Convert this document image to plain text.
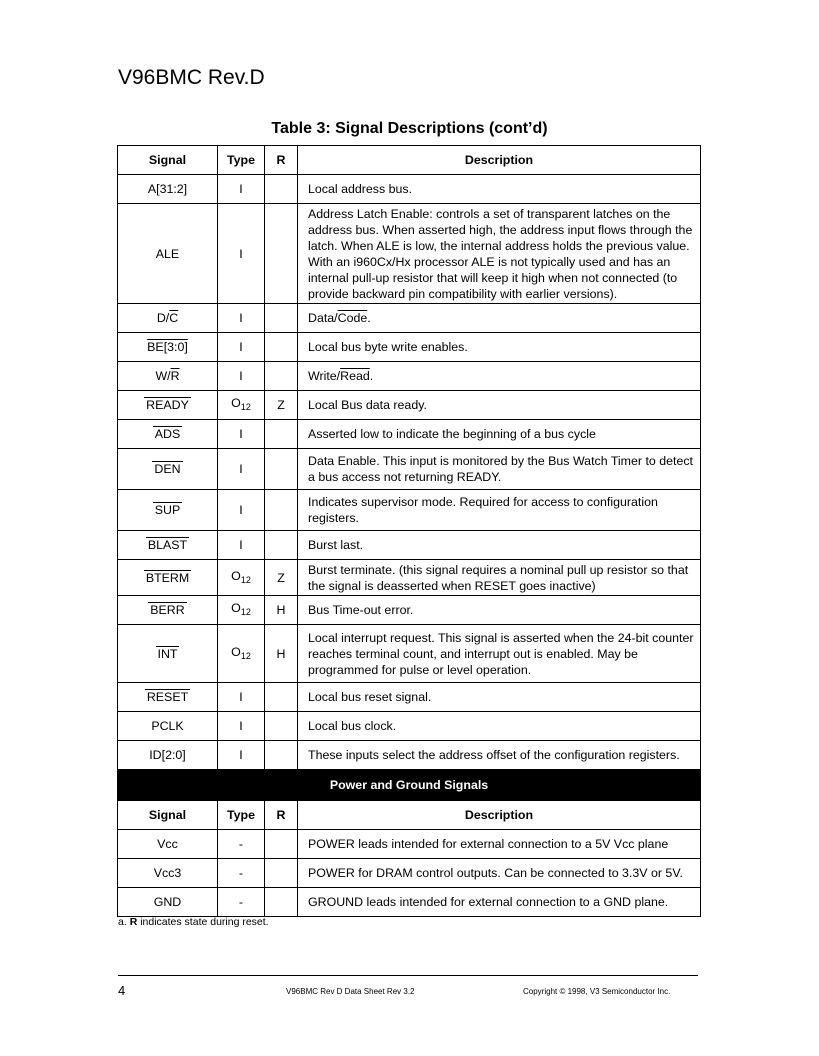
V96BMC Rev.D
Table 3: Signal Descriptions (cont’d)
Signal	Type	R	Description
A[31:2]	I		Local address bus.
ALE	I		Address Latch Enable: controls a set of transparent latches on the address bus. When asserted high, the address input flows through the latch. When ALE is low, the internal address holds the previous value. With an i960Cx/Hx processor ALE is not typically used and has an internal pull-up resistor that will keep it high when not connected (to provide backward pin compatibility with earlier versions).
$D/\overline{C}$	I		Data/Code.
BE[3:0]	I		Local bus byte write enables.
$W/\overline{R}$	I		Write/Read.
READY	$O_{12}$	Z	Local Bus data ready.
ADS	I		Asserted low to indicate the beginning of a bus cycle
DEN	I		Data Enable. This input is monitored by the Bus Watch Timer to detect a bus access not returning READY.
SUP	I		Indicates supervisor mode. Required for access to configuration registers.
BLAST	I		Burst last.
BTERM	$O_{12}$	Z	Burst terminate. (this signal requires a nominal pull up resistor so that the signal is deasserted when RESET goes inactive)
BERR	$O_{12}$	H	Bus Time-out error.
INT	$O_{12}$	H	Local interrupt request. This signal is asserted when the 24-bit counter reaches terminal count, and interrupt out is enabled. May be programmed for pulse or level operation.
RESET	I		Local bus reset signal.
PCLK	I		Local bus clock.
ID[2:0]	I		These inputs select the address offset of the configuration registers.
Power and Ground Signals			
Signal	Type	R	Description
Vcc	-		POWER leads intended for external connection to a 5V Vcc plane
Vcc3	-		POWER for DRAM control outputs. Can be connected to 3.3V or 5V.
GND	-		GROUND leads intended for external connection to a GND plane.
a. R indicates state during reset.
4	V96BMC Rev D Data Sheet Rev 3.2	Copyright © 1998, V3 Semiconductor Inc.
